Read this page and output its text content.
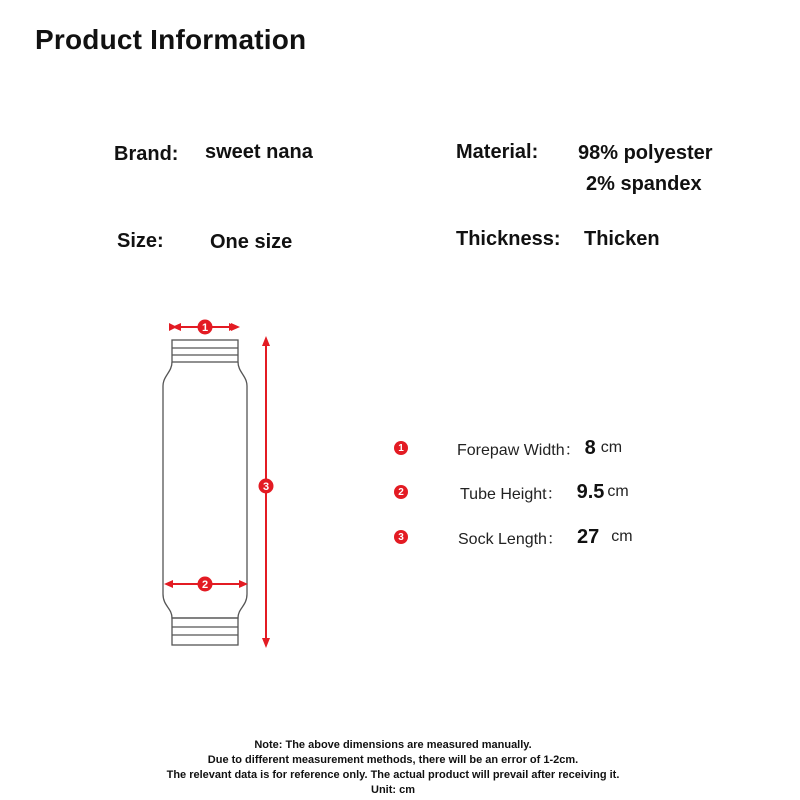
Product Information
Brand: sweet nana	Material: 98% polyester
2% spandex
Size: One size	Thickness: Thicken
1
2
3
1	Forepaw Width： 8 cm
2	Tube Height： 9.5 cm
3	Sock Length： 27 cm
Note: The above dimensions are measured manually.
Due to different measurement methods, there will be an error of 1-2cm.
The relevant data is for reference only. The actual product will prevail after receiving it.
Unit: cm
